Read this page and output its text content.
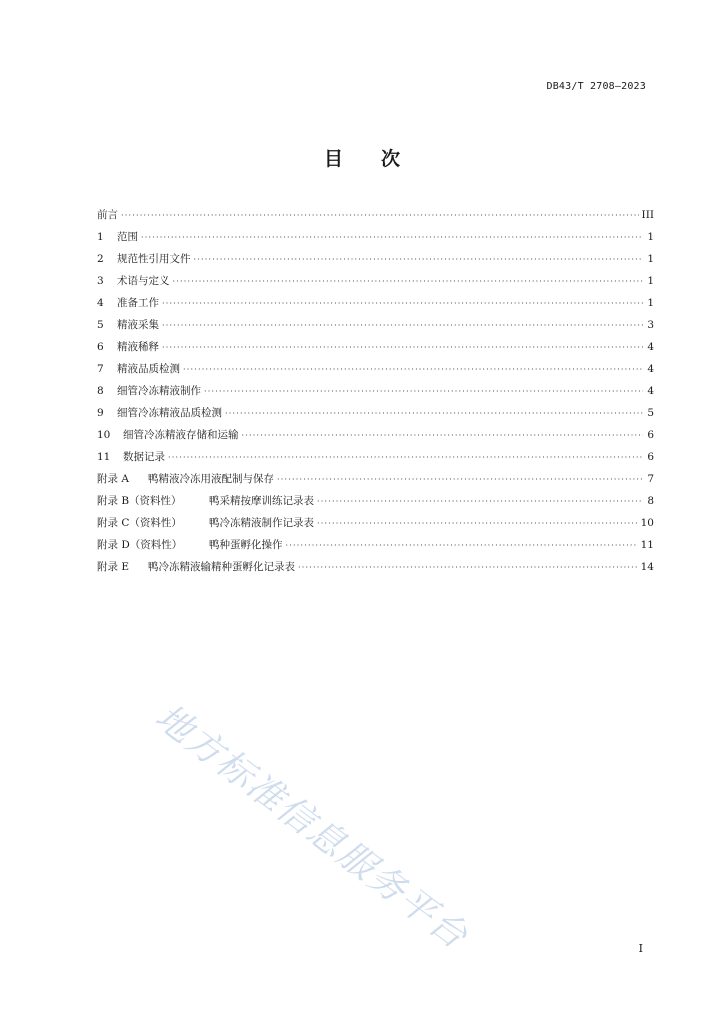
DB43/T 2708—2023
目 次
前言 ·····	III
1	范围 ·····	1
2	规范性引用文件 ·····	1
3	术语与定义 ·····	1
4	准备工作 ·····	1
5	精液采集 ·····	3
6	精液稀释 ·····	4
7	精液品质检测 ·····	4
8	细管冷冻精液制作 ·····	4
9	细管冷冻精液品质检测 ·····	5
10	细管冷冻精液存储和运输 ·····	6
11	数据记录 ·····	6
附录 A	鸭精液冷冻用液配制与保存 ·····	7
附录 B（资料性）	鸭采精按摩训练记录表 ·····	8
附录 C（资料性）	鸭冷冻精液制作记录表 ·····	10
附录 D（资料性）	鸭种蛋孵化操作 ·····	11
附录 E	鸭冷冻精液输精种蛋孵化记录表 ·····	14
地方标准信息服务平台	I
